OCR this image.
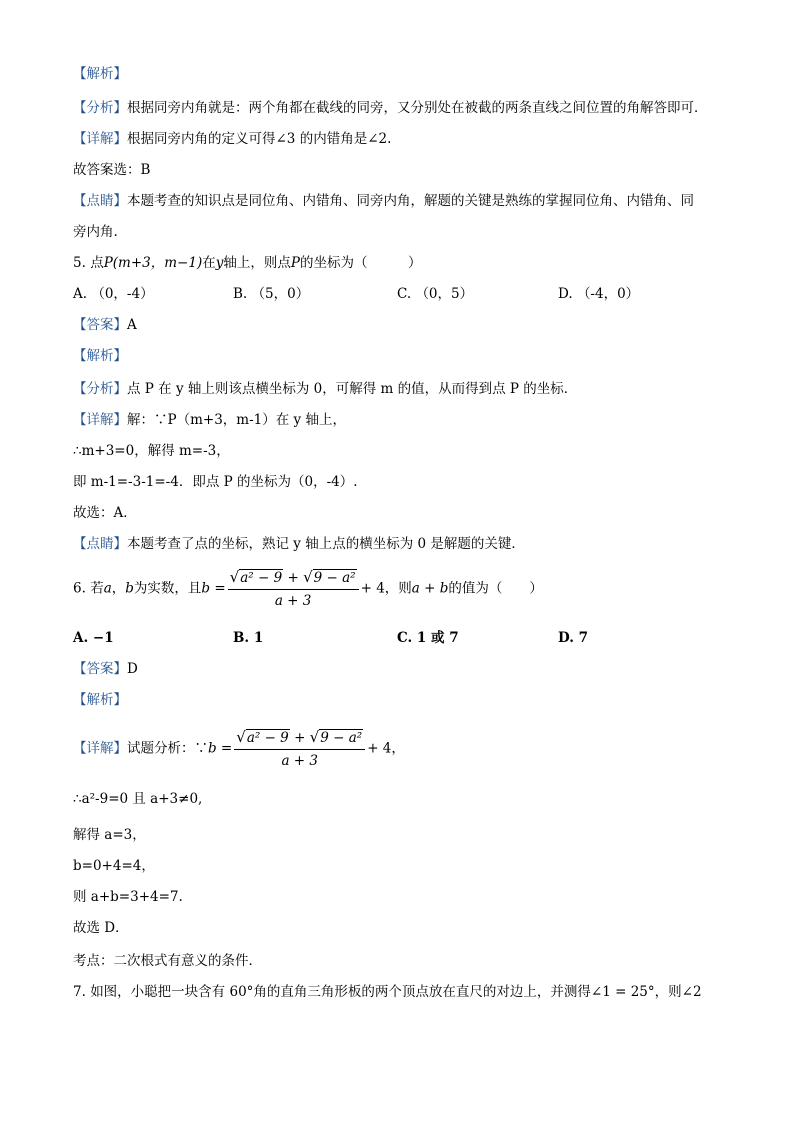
【解析】
【分析】根据同旁内角就是：两个角都在截线的同旁，又分别处在被截的两条直线之间位置的角解答即可．
【详解】根据同旁内角的定义可得∠3 的内错角是∠2.
故答案选：B
【点睛】本题考查的知识点是同位角、内错角、同旁内角，解题的关键是熟练的掌握同位角、内错角、同
旁内角.
5. 点P(m+3，m−1)在y轴上，则点P的坐标为（　　　）
A. （0，-4）	B. （5，0）	C. （0，5）	D. （-4，0）
【答案】A
【解析】
【分析】点 P 在 y 轴上则该点横坐标为 0，可解得 m 的值，从而得到点 P 的坐标．
【详解】解：∵P（m+3，m-1）在 y 轴上，
∴m+3=0，解得 m=-3，
即 m-1=-3-1=-4．即点 P 的坐标为（0，-4）.
故选：A．
【点睛】本题考查了点的坐标，熟记 y 轴上点的横坐标为 0 是解题的关键．
6. 若a，b为实数，且$b = \frac{\text{√a² − 9 + √9 − a²}}{a + 3} + 4$，则a + b的值为（　　）
A. −1	B. 1	C. 1 或 7	D. 7
【答案】D
【解析】
【详解】试题分析：∵b = $\frac{\text{√a² − 9 + √9 − a²}}{a + 3} + 4$，
∴a²-9=0 且 a+3≠0,
解得 a=3，
b=0+4=4，
则 a+b=3+4=7.
故选 D．
考点：二次根式有意义的条件．
7. 如图，小聪把一块含有 60°角的直角三角形板的两个顶点放在直尺的对边上，并测得∠1 = 25°，则∠2
